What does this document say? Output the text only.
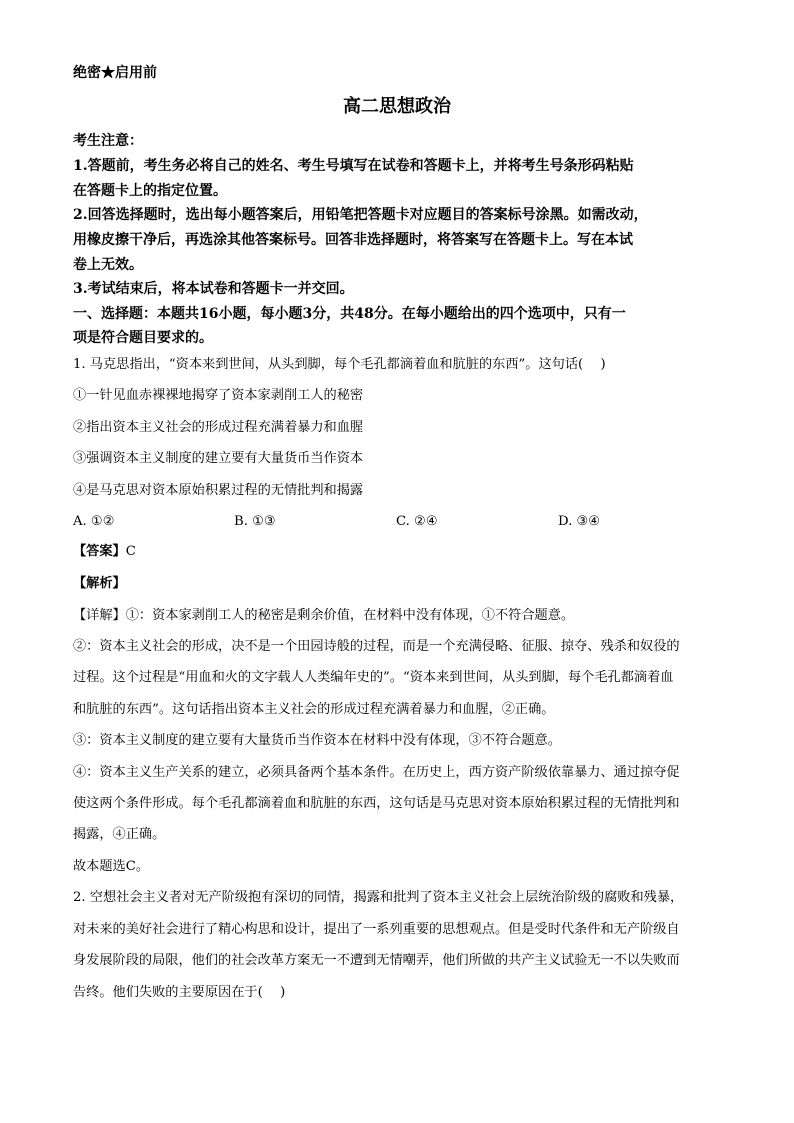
绝密★启用前
高二思想政治
考生注意：
1.答题前，考生务必将自己的姓名、考生号填写在试卷和答题卡上，并将考生号条形码粘贴
在答题卡上的指定位置。
2.回答选择题时，选出每小题答案后，用铅笔把答题卡对应题目的答案标号涂黑。如需改动，
用橡皮擦干净后，再选涂其他答案标号。回答非选择题时，将答案写在答题卡上。写在本试
卷上无效。
3.考试结束后，将本试卷和答题卡一并交回。
一、选择题：本题共16小题，每小题3分，共48分。在每小题给出的四个选项中，只有一
项是符合题目要求的。
1. 马克思指出，“资本来到世间，从头到脚，每个毛孔都滴着血和肮脏的东西”。这句话(　 )
①一针见血赤裸裸地揭穿了资本家剥削工人的秘密
②指出资本主义社会的形成过程充满着暴力和血腥
③强调资本主义制度的建立要有大量货币当作资本
④是马克思对资本原始积累过程的无情批判和揭露
A. ①②	B. ①③	C. ②④	D. ③④
【答案】C
【解析】
【详解】①：资本家剥削工人的秘密是剩余价值，在材料中没有体现，①不符合题意。
②：资本主义社会的形成，决不是一个田园诗般的过程，而是一个充满侵略、征服、掠夺、残杀和奴役的
过程。这个过程是“用血和火的文字载人人类编年史的”。“资本来到世间，从头到脚，每个毛孔都滴着血
和肮脏的东西”。这句话指出资本主义社会的形成过程充满着暴力和血腥，②正确。
③：资本主义制度的建立要有大量货币当作资本在材料中没有体现，③不符合题意。
④：资本主义生产关系的建立，必须具备两个基本条件。在历史上，西方资产阶级依靠暴力、通过掠夺促
使这两个条件形成。每个毛孔都滴着血和肮脏的东西，这句话是马克思对资本原始积累过程的无情批判和
揭露，④正确。
故本题选C。
2. 空想社会主义者对无产阶级抱有深切的同情，揭露和批判了资本主义社会上层统治阶级的腐败和残暴，
对未来的美好社会进行了精心构思和设计，提出了一系列重要的思想观点。但是受时代条件和无产阶级自
身发展阶段的局限，他们的社会改革方案无一不遭到无情嘲弄，他们所做的共产主义试验无一不以失败而
告终。他们失败的主要原因在于(　 )
